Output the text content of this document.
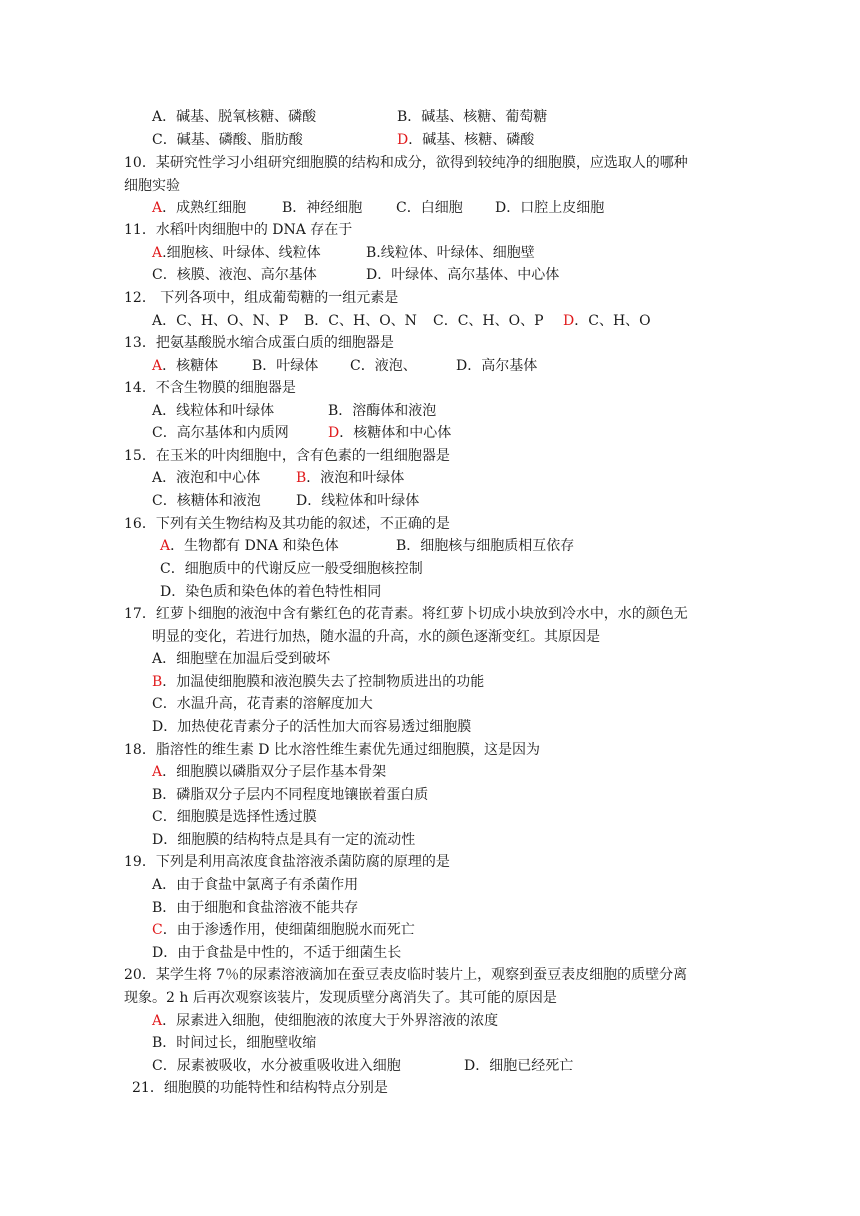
A．碱基、脱氧核糖、磷酸	B．碱基、核糖、葡萄糖
C．碱基、磷酸、脂肪酸	D．碱基、核糖、磷酸
10．某研究性学习小组研究细胞膜的结构和成分，欲得到较纯净的细胞膜，应选取人的哪种
细胞实验
A．成熟红细胞	B．神经细胞 C．白细胞 D．口腔上皮细胞
11．水稻叶肉细胞中的 DNA 存在于
A.细胞核、叶绿体、线粒体	B.线粒体、叶绿体、细胞壁
C．核膜、液泡、高尔基体	D．叶绿体、高尔基体、中心体
12． 下列各项中，组成葡萄糖的一组元素是
A．C、H、O、N、P B．C、H、O、N C．C、H、O、P D．C、H、O
13．把氨基酸脱水缩合成蛋白质的细胞器是
A．核糖体 B．叶绿体 C．液泡、	D．高尔基体
14．不含生物膜的细胞器是
A．线粒体和叶绿体	B．溶酶体和液泡
C．高尔基体和内质网	D．核糖体和中心体
15．在玉米的叶肉细胞中，含有色素的一组细胞器是
A．液泡和中心体	B．液泡和叶绿体
C．核糖体和液泡	D．线粒体和叶绿体
16．下列有关生物结构及其功能的叙述，不正确的是
A．生物都有 DNA 和染色体	B．细胞核与细胞质相互依存
C．细胞质中的代谢反应一般受细胞核控制
D．染色质和染色体的着色特性相同
17．红萝卜细胞的液泡中含有紫红色的花青素。将红萝卜切成小块放到冷水中，水的颜色无
明显的变化，若进行加热，随水温的升高，水的颜色逐渐变红。其原因是
A．细胞壁在加温后受到破坏
B．加温使细胞膜和液泡膜失去了控制物质进出的功能
C．水温升高，花青素的溶解度加大
D．加热使花青素分子的活性加大而容易透过细胞膜
18．脂溶性的维生素 D 比水溶性维生素优先通过细胞膜，这是因为
A．细胞膜以磷脂双分子层作基本骨架
B．磷脂双分子层内不同程度地镶嵌着蛋白质
C．细胞膜是选择性透过膜
D．细胞膜的结构特点是具有一定的流动性
19．下列是利用高浓度食盐溶液杀菌防腐的原理的是
A．由于食盐中氯离子有杀菌作用
B．由于细胞和食盐溶液不能共存
C．由于渗透作用，使细菌细胞脱水而死亡
D．由于食盐是中性的，不适于细菌生长
20．某学生将 7％的尿素溶液滴加在蚕豆表皮临时装片上，观察到蚕豆表皮细胞的质壁分离
现象。2 h 后再次观察该装片，发现质壁分离消失了。其可能的原因是
A．尿素进入细胞，使细胞液的浓度大于外界溶液的浓度
B．时间过长，细胞壁收缩
C．尿素被吸收，水分被重吸收进入细胞	D．细胞已经死亡
21．细胞膜的功能特性和结构特点分别是
